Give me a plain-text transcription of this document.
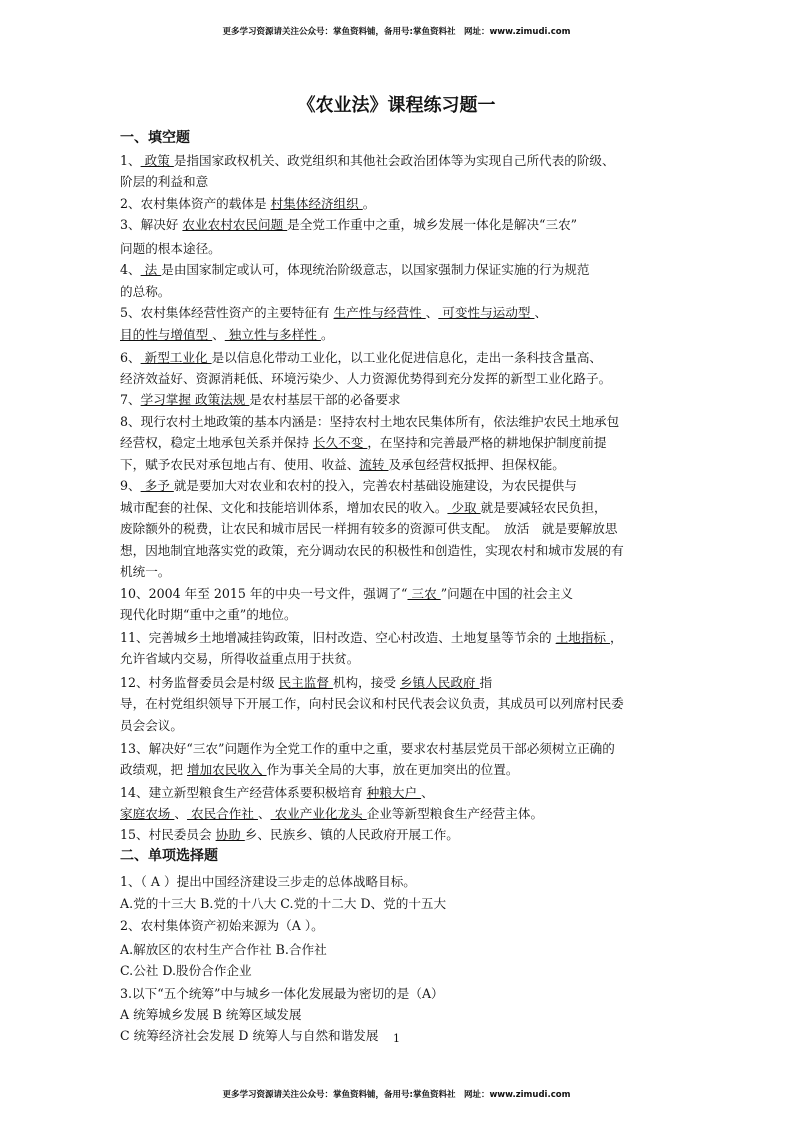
更多学习资源请关注公众号：掌鱼资料铺，备用号:掌鱼资料社　网址：www.zimudi.com
《农业法》课程练习题一
一、填空题
1、 政策 是指国家政权机关、政党组织和其他社会政治团体等为实现自己所代表的阶级、
阶层的利益和意
2、农村集体资产的载体是 村集体经济组织 。
3、解决好 农业农村农民问题 是全党工作重中之重，城乡发展一体化是解决“三农”
问题的根本途径。
4、 法 是由国家制定或认可，体现统治阶级意志，以国家强制力保证实施的行为规范
的总称。
5、农村集体经营性资产的主要特征有 生产性与经营性 、 可变性与运动型 、
目的性与增值型 、 独立性与多样性 。
6、 新型工业化 是以信息化带动工业化，以工业化促进信息化，走出一条科技含量高、
经济效益好、资源消耗低、环境污染少、人力资源优势得到充分发挥的新型工业化路子。
7、学习掌握 政策法规 是农村基层干部的必备要求
8、现行农村土地政策的基本内涵是：坚持农村土地农民集体所有，依法维护农民土地承包
经营权，稳定土地承包关系并保持 长久不变 ，在坚持和完善最严格的耕地保护制度前提
下，赋予农民对承包地占有、使用、收益、流转 及承包经营权抵押、担保权能。
9、 多予 就是要加大对农业和农村的投入，完善农村基础设施建设，为农民提供与
城市配套的社保、文化和技能培训体系，增加农民的收入。 少取 就是要减轻农民负担，
废除额外的税费，让农民和城市居民一样拥有较多的资源可供支配。　放活　就是要解放思
想，因地制宜地落实党的政策，充分调动农民的积极性和创造性，实现农村和城市发展的有
机统一。
10、2004 年至 2015 年的中央一号文件，强调了“ 三农 ”问题在中国的社会主义
现代化时期“重中之重”的地位。
11、完善城乡土地增减挂钩政策，旧村改造、空心村改造、土地复垦等节余的 土地指标 ，
允许省域内交易，所得收益重点用于扶贫。
12、村务监督委员会是村级 民主监督 机构，接受 乡镇人民政府 指
导，在村党组织领导下开展工作，向村民会议和村民代表会议负责，其成员可以列席村民委
员会会议。
13、解决好“三农”问题作为全党工作的重中之重，要求农村基层党员干部必须树立正确的
政绩观，把 增加农民收入 作为事关全局的大事，放在更加突出的位置。
14、建立新型粮食生产经营体系要积极培育 种粮大户 、
家庭农场 、 农民合作社 、 农业产业化龙头 企业等新型粮食生产经营主体。
15、村民委员会 协助 乡、民族乡、镇的人民政府开展工作。
二、单项选择题
1、（ A ）提出中国经济建设三步走的总体战略目标。
A.党的十三大 B.党的十八大 C.党的十二大 D、党的十五大
2、农村集体资产初始来源为（A ）。
A.解放区的农村生产合作社 B.合作社
C.公社 D.股份合作企业
3.以下“五个统筹”中与城乡一体化发展最为密切的是（A）
A 统筹城乡发展 B 统筹区域发展
C 统筹经济社会发展 D 统筹人与自然和谐发展	1
更多学习资源请关注公众号：掌鱼资料铺，备用号:掌鱼资料社　网址：www.zimudi.com
